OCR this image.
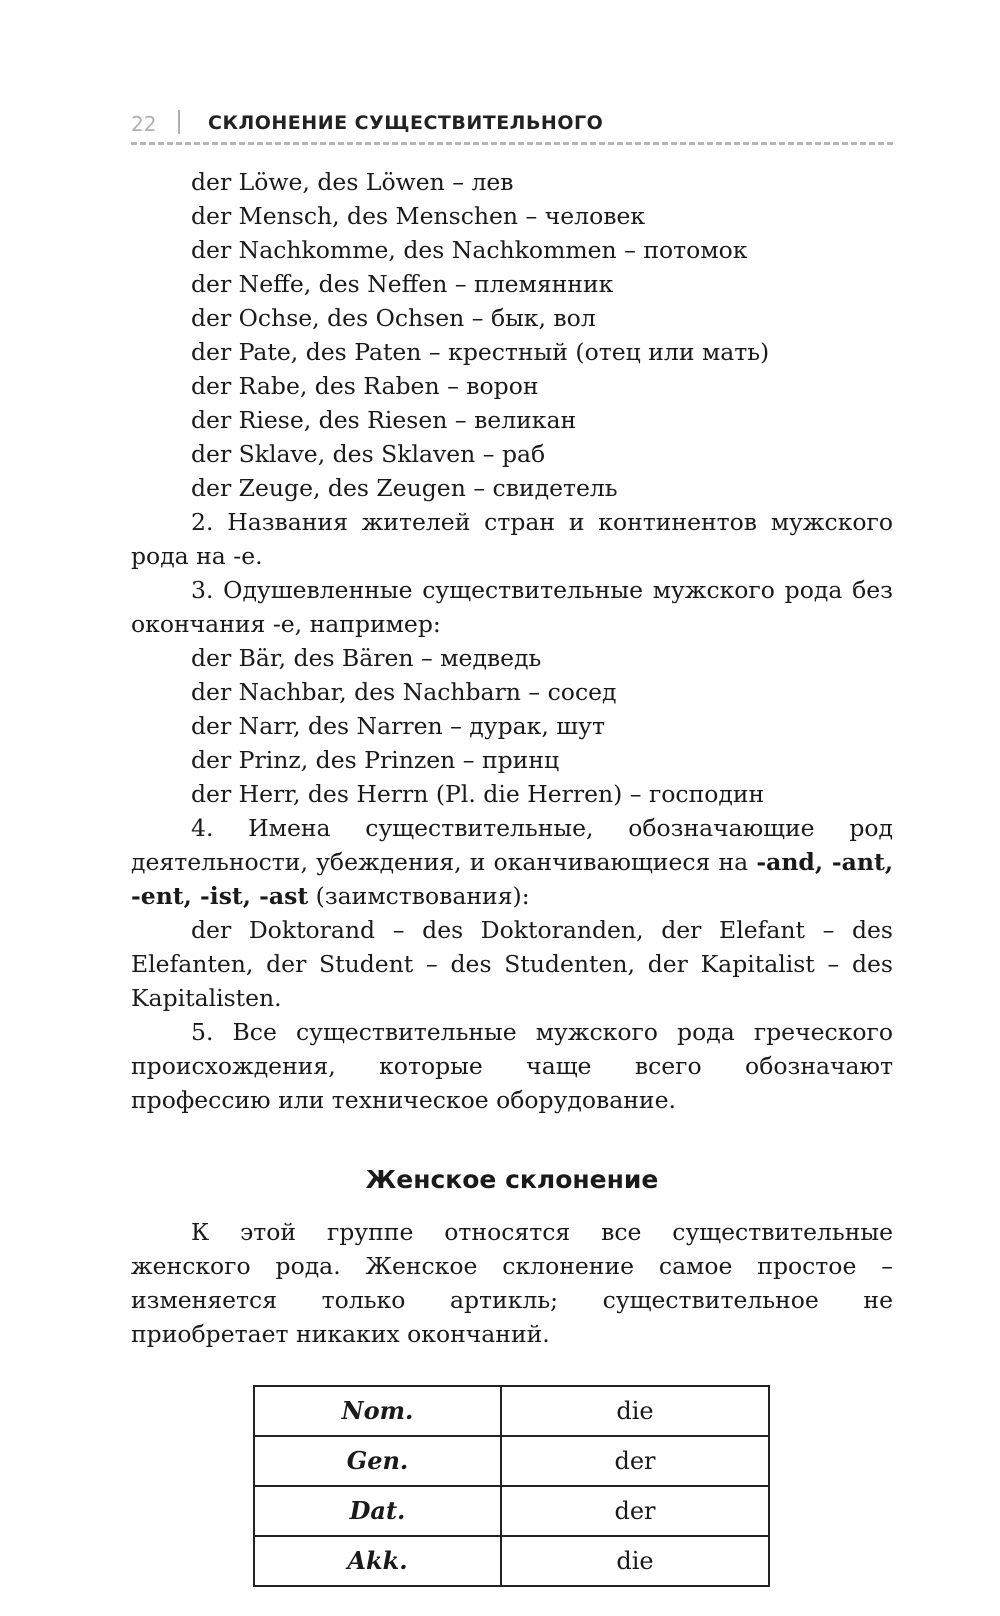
22	СКЛОНЕНИЕ СУЩЕСТВИТЕЛЬНОГО
der Löwe, des Löwen – лев
der Mensch, des Menschen – человек
der Nachkomme, des Nachkommen – потомок
der Neffe, des Neffen – племянник
der Ochse, des Ochsen – бык, вол
der Pate, des Paten – крестный (отец или мать)
der Rabe, des Raben – ворон
der Riese, des Riesen – великан
der Sklave, des Sklaven – раб
der Zeuge, des Zeugen – свидетель

2. Названия жителей стран и континентов мужского рода на -е.

3. Одушевленные существительные мужского рода без окончания -е, например:

der Bär, des Bären – медведь
der Nachbar, des Nachbarn – сосед
der Narr, des Narren – дурак, шут
der Prinz, des Prinzen – принц
der Herr, des Herrn (Pl. die Herren) – господин

4. Имена существительные, обозначающие род деятельности, убеждения, и оканчивающиеся на -and, -ant, -ent, -ist, -ast (заимствования):

der Doktorand – des Doktoranden, der Elefant – des Elefanten, der Student – des Studenten, der Kapitalist – des Kapitalisten.

5. Все существительные мужского рода греческого происхождения, которые чаще всего обозначают профессию или техническое оборудование.

Женское склонение

К этой группе относятся все существительные женского рода. Женское склонение самое простое – изменяется только артикль; существительное не приобретает никаких окончаний.

Nom.	die
Gen.	der
Dat.	der
Akk.	die
